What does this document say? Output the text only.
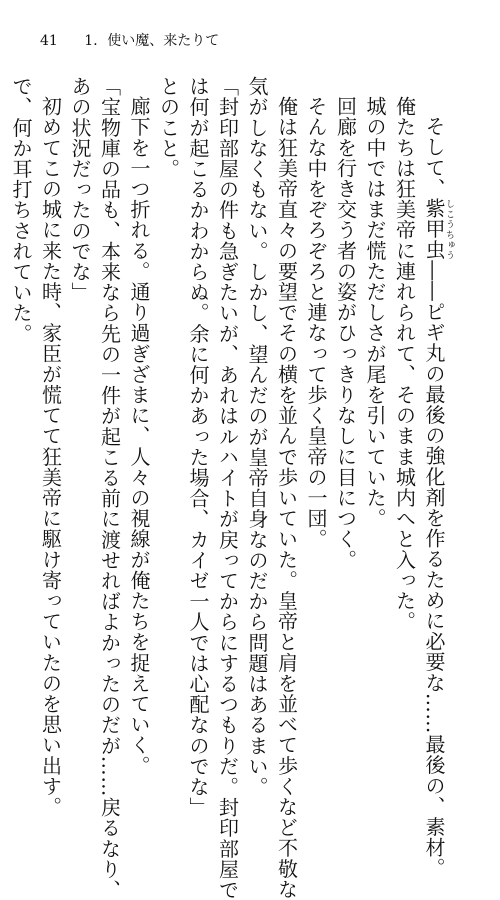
41 1．使い魔、来たりて
そして、紫甲虫しこうちゅう――ピギ丸の最後の強化剤を作るために必要な……最後の、素材。
俺たちは狂美帝に連れられて、そのまま城内へと入った。
城の中ではまだ慌ただしさが尾を引いていた。
回廊を行き交う者の姿がひっきりなしに目につく。
そんな中をぞろぞろと連なって歩く皇帝の一団。
俺は狂美帝直々の要望でその横を並んで歩いていた。皇帝と肩を並べて歩くなど不敬な
気がしなくもない。しかし、望んだのが皇帝自身なのだから問題はあるまい。
「封印部屋の件も急ぎたいが、あれはルハイトが戻ってからにするつもりだ。封印部屋で
は何が起こるかわからぬ。余に何かあった場合、カイゼ一人では心配なのでな」
とのこと。
廊下を一つ折れる。通り過ぎざまに、人々の視線が俺たちを捉えていく。
「宝物庫の品も、本来なら先の一件が起こる前に渡せればよかったのだが……戻るなり、
あの状況だったのでな」
初めてこの城に来た時、家臣が慌てて狂美帝に駆け寄っていたのを思い出す。
で、何か耳打ちされていた。
